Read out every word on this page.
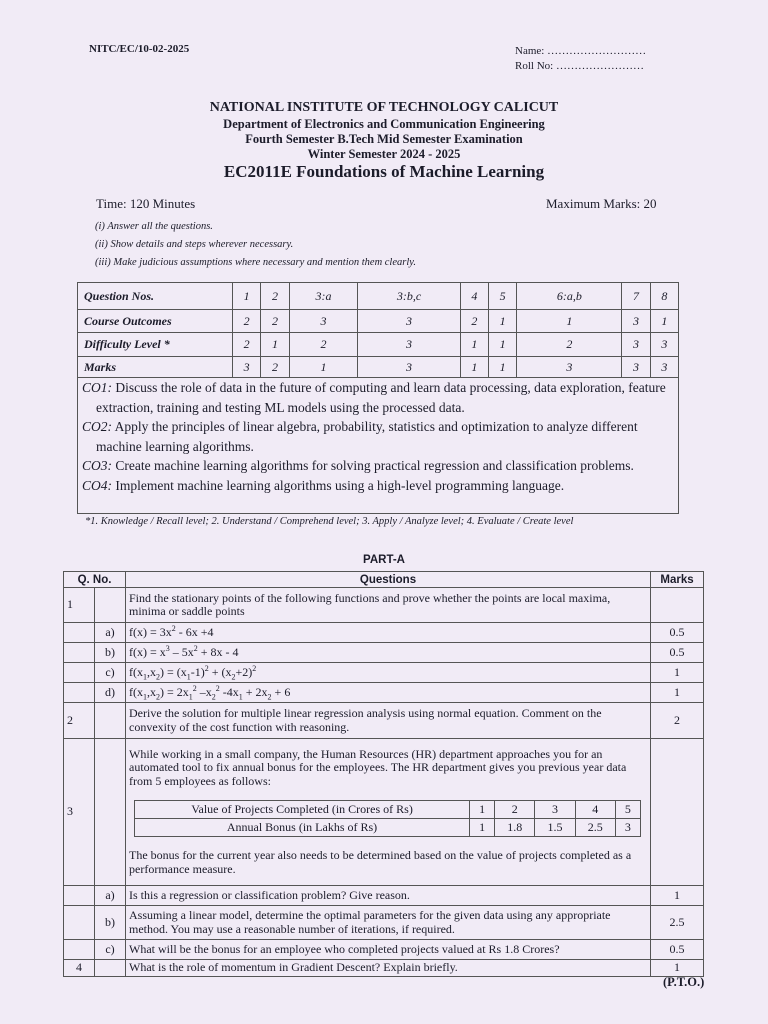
NITC/EC/10-02-2025	Name: ………………………
Roll No: ……………………
NATIONAL INSTITUTE OF TECHNOLOGY CALICUT
Department of Electronics and Communication Engineering
Fourth Semester B.Tech Mid Semester Examination
Winter Semester 2024 - 2025
EC2011E Foundations of Machine Learning
Time: 120 Minutes	Maximum Marks: 20
(i) Answer all the questions.
(ii) Show details and steps wherever necessary.
(iii) Make judicious assumptions where necessary and mention them clearly.
Question Nos.	1	2	3:a	3:b,c	4	5	6:a,b	7	8
Course Outcomes	2	2	3	3	2	1	1	3	1
Difficulty Level *	2	1	2	3	1	1	2	3	3
Marks	3	2	1	3	1	1	3	3	3
CO1: Discuss the role of data in the future of computing and learn data processing, data exploration, feature extraction, training and testing ML models using the processed data.
CO2: Apply the principles of linear algebra, probability, statistics and optimization to analyze different machine learning algorithms.
CO3: Create machine learning algorithms for solving practical regression and classification problems.
CO4: Implement machine learning algorithms using a high-level programming language.
*1. Knowledge / Recall level; 2. Understand / Comprehend level; 3. Apply / Analyze level; 4. Evaluate / Create level
PART-A
Q. No.	Questions	Marks
1		Find the stationary points of the following functions and prove whether the points are local maxima, minima or saddle points	
	a)	$f(x) = 3x^2 - 6x +4$	0.5
	b)	$f(x) = x^3 - 5x^2 + 8x - 4$	0.5
	c)	$f(x_1,x_2) = (x_1-1)^2 + (x_2+2)^2$	1
	d)	$f(x_1,x_2) = 2x_1^2$ $-x_2^2$ $-4x_1 + 2x_2 + 6$	1
2		Derive the solution for multiple linear regression analysis using normal equation. Comment on the convexity of the cost function with reasoning.	2
3		
While working in a small company, the Human Resources (HR) department approaches you for an automated tool to fix annual bonus for the employees. The HR department gives you previous year data from 5 employees as follows:
Value of Projects Completed (in Crores of Rs)	1	2	3	4	5
Annual Bonus (in Lakhs of Rs)	1	1.8	1.5	2.5	3
The bonus for the current year also needs to be determined based on the value of projects completed as a performance measure.

	a)	Is this a regression or classification problem? Give reason.	1
	b)	Assuming a linear model, determine the optimal parameters for the given data using any appropriate method. You may use a reasonable number of iterations, if required.	2.5
	c)	What will be the bonus for an employee who completed projects valued at Rs 1.8 Crores?	0.5
4		What is the role of momentum in Gradient Descent? Explain briefly.	1
(P.T.O.)
